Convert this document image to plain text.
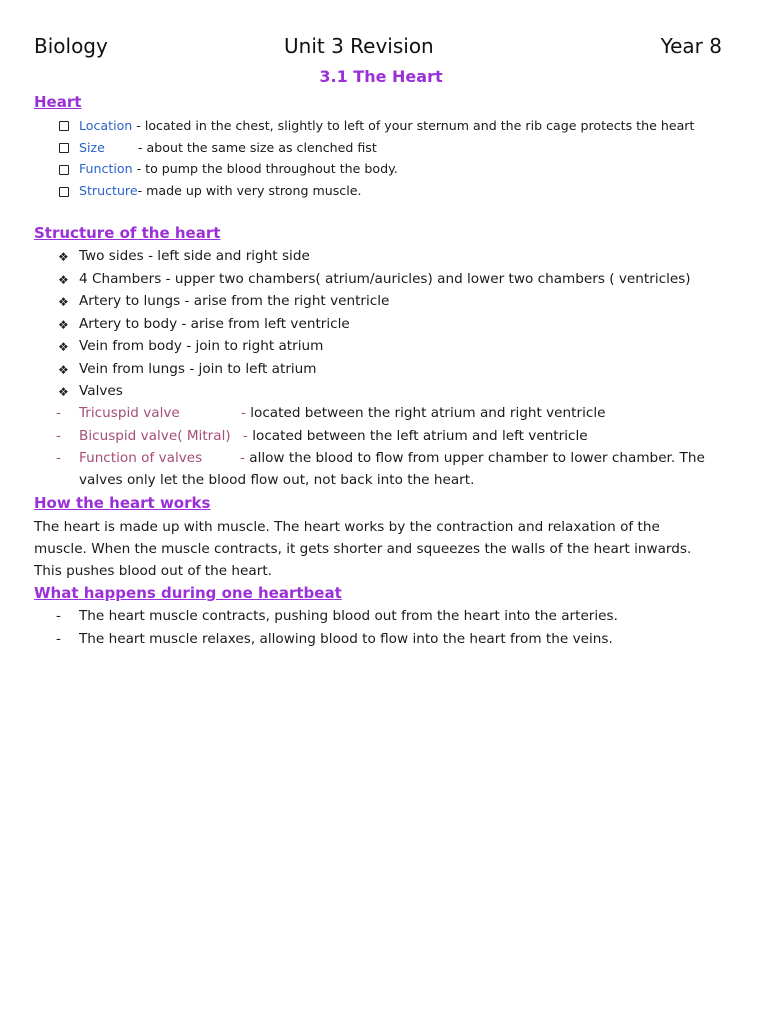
Biology	Unit 3 Revision	Year 8
3.1 The Heart
Heart
Location - located in the chest, slightly to left of your sternum and the rib cage protects the heart
Size	- about the same size as clenched fist
Function - to pump the blood throughout the body.
Structure- made up with very strong muscle.
Structure of the heart
❖ Two sides - left side and right side
❖ 4 Chambers - upper two chambers( atrium/auricles) and lower two chambers ( ventricles)
❖ Artery to lungs - arise from the right ventricle
❖ Artery to body - arise from left ventricle
❖ Vein from body - join to right atrium
❖ Vein from lungs - join to left atrium
❖ Valves
- Tricuspid valve	- located between the right atrium and right ventricle
- Bicuspid valve( Mitral) - located between the left atrium and left ventricle
- Function of valves	- allow the blood to flow from upper chamber to lower chamber. The
valves only let the blood flow out, not back into the heart.
How the heart works
The heart is made up with muscle. The heart works by the contraction and relaxation of the
muscle. When the muscle contracts, it gets shorter and squeezes the walls of the heart inwards.
This pushes blood out of the heart.
What happens during one heartbeat
- The heart muscle contracts, pushing blood out from the heart into the arteries.
- The heart muscle relaxes, allowing blood to flow into the heart from the veins.
